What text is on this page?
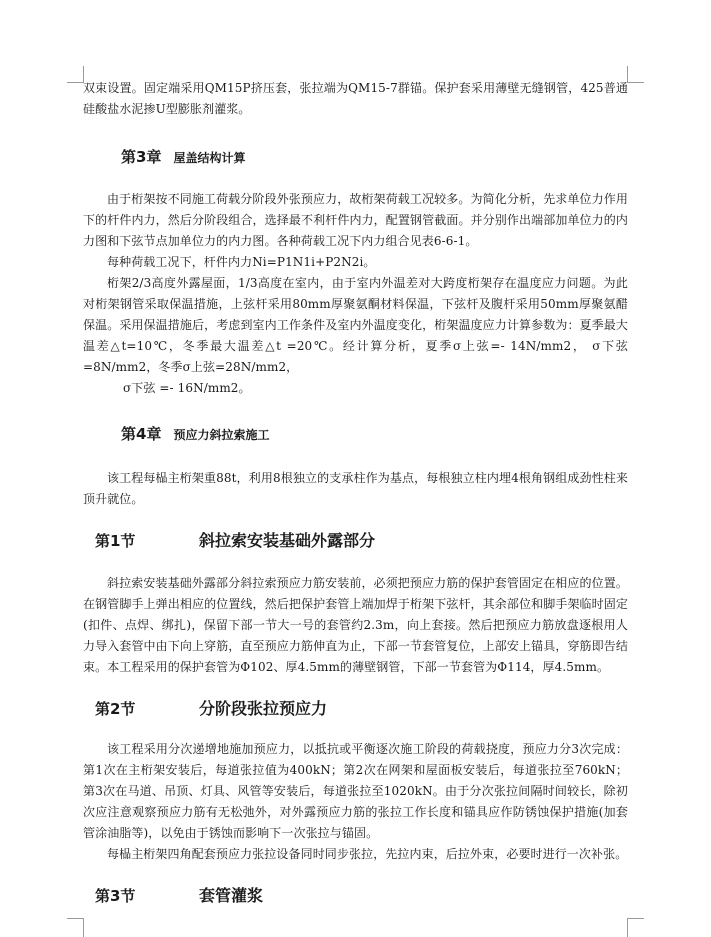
双束设置。固定端采用QM15P挤压套，张拉端为QM15-7群锚。保护套采用薄壁无缝钢管，425普通硅酸盐水泥掺U型膨胀剂灌浆。

第3章 屋盖结构计算

由于桁架按不同施工荷载分阶段外张预应力，故桁架荷载工况较多。为简化分析，先求单位力作用下的杆件内力，然后分阶段组合，选择最不利杆件内力，配置钢管截面。并分别作出端部加单位力的内力图和下弦节点加单位力的内力图。各种荷载工况下内力组合见表6-6-1。

每种荷载工况下，杆件内力Ni=P1N1i+P2N2i。

桁架2/3高度外露屋面，1/3高度在室内，由于室内外温差对大跨度桁架存在温度应力问题。为此对桁架钢管采取保温措施，上弦杆采用80mm厚聚氨酮材料保温，下弦杆及腹杆采用50mm厚聚氨醋保温。采用保温措施后，考虑到室内工作条件及室内外温度变化，桁架温度应力计算参数为：夏季最大温差△t=10℃，冬季最大温差△t =20℃。经计算分析，夏季σ上弦=- 14N/mm2， σ下弦=8N/mm2，冬季σ上弦=28N/mm2，

σ下弦 =- 16N/mm2。

第4章 预应力斜拉索施工

该工程每榀主桁架重88t，利用8根独立的支承柱作为基点，每根独立柱内埋4根角钢组成劲性柱来顶升就位。

第1节	斜拉索安装基础外露部分

斜拉索安装基础外露部分斜拉索预应力筋安装前，必须把预应力筋的保护套管固定在相应的位置。在钢管脚手上弹出相应的位置线，然后把保护套管上端加焊于桁架下弦杆，其余部位和脚手架临时固定(扣件、点焊、绑扎)，保留下部一节大一号的套管约2.3m，向上套接。然后把预应力筋放盘逐根用人力导入套管中由下向上穿筋，直至预应力筋伸直为止，下部一节套管复位，上部安上锚具，穿筋即告结束。本工程采用的保护套管为Φ102、厚4.5mm的薄壁钢管，下部一节套管为Φ114，厚4.5mm。

第2节	分阶段张拉预应力

该工程采用分次递增地施加预应力，以抵抗或平衡逐次施工阶段的荷载挠度，预应力分3次完成：第1次在主桁架安装后，每道张拉值为400kN；第2次在网架和屋面板安装后，每道张拉至760kN；第3次在马道、吊顶、灯具、风管等安装后，每道张拉至1020kN。由于分次张拉间隔时间较长，除初次应注意观察预应力筋有无松弛外，对外露预应力筋的张拉工作长度和锚具应作防锈蚀保护措施(加套管涂油脂等)，以免由于锈蚀而影响下一次张拉与锚固。

每榀主桁架四角配套预应力张拉设备同时同步张拉，先拉内束，后拉外束，必要时进行一次补张。

第3节	套管灌浆
